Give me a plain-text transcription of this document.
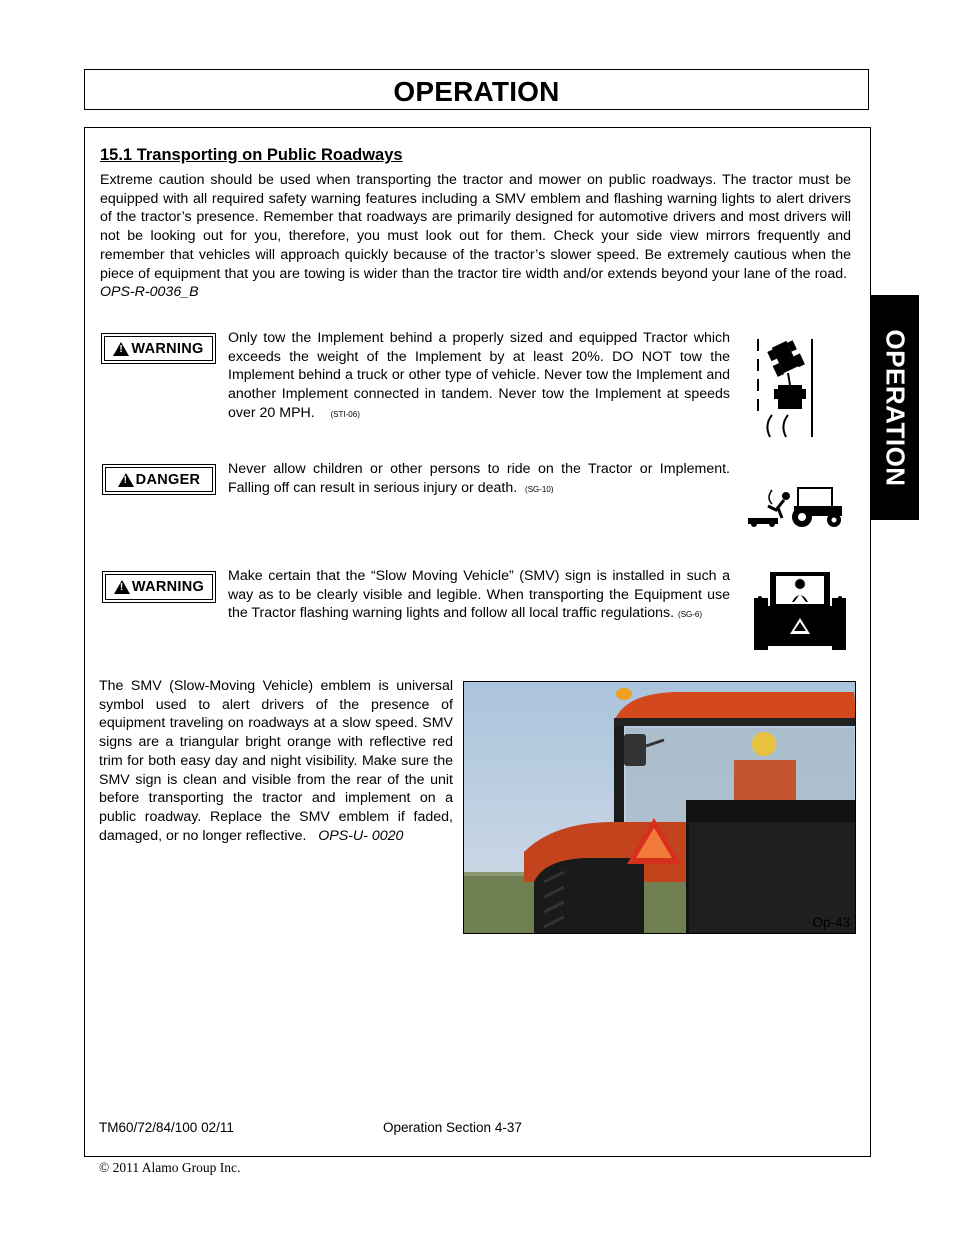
OPERATION
OPERATION
15.1 Transporting on Public Roadways
Extreme caution should be used when transporting the tractor and mower on public roadways. The tractor must be equipped with all required safety warning features including a SMV emblem and flashing warning lights to alert drivers of the tractor’s presence. Remember that roadways are primarily designed for automotive drivers and most drivers will not be looking out for you, therefore, you must look out for them. Check your side view mirrors frequently and remember that vehicles will approach quickly because of the tractor’s slower speed. Be extremely cautious when the piece of equipment that you are towing is wider than the tractor tire width and/or extends beyond your lane of the road.  OPS-R-0036_B
! WARNING
Only tow the Implement behind a properly sized and equipped Tractor which exceeds the weight of the Implement by at least 20%. DO NOT tow the Implement behind a truck or other type of vehicle. Never tow the Implement and another Implement connected in tandem. Never tow the Implement at speeds over 20 MPH. (STI-06)
! DANGER
Never allow children or other persons to ride on the Tractor or Implement. Falling off can result in serious injury or death. (SG-10)
! WARNING
Make certain that the “Slow Moving Vehicle” (SMV) sign is installed in such a way as to be clearly visible and legible. When transporting the Equipment use the Tractor flashing warning lights and follow all local traffic regulations. (SG-6)
The SMV (Slow-Moving Vehicle) emblem is universal symbol used to alert drivers of the presence of equipment traveling on roadways at a slow speed. SMV signs are a triangular bright orange with reflective red trim for both easy day and night visibility. Make sure the SMV sign is clean and visible from the rear of the unit before transporting the tractor and implement on a public roadway. Replace the SMV emblem if faded, damaged, or no longer reflective. OPS-U- 0020
Op-43
TM60/72/84/100 02/11	Operation Section 4-37
© 2011 Alamo Group Inc.
